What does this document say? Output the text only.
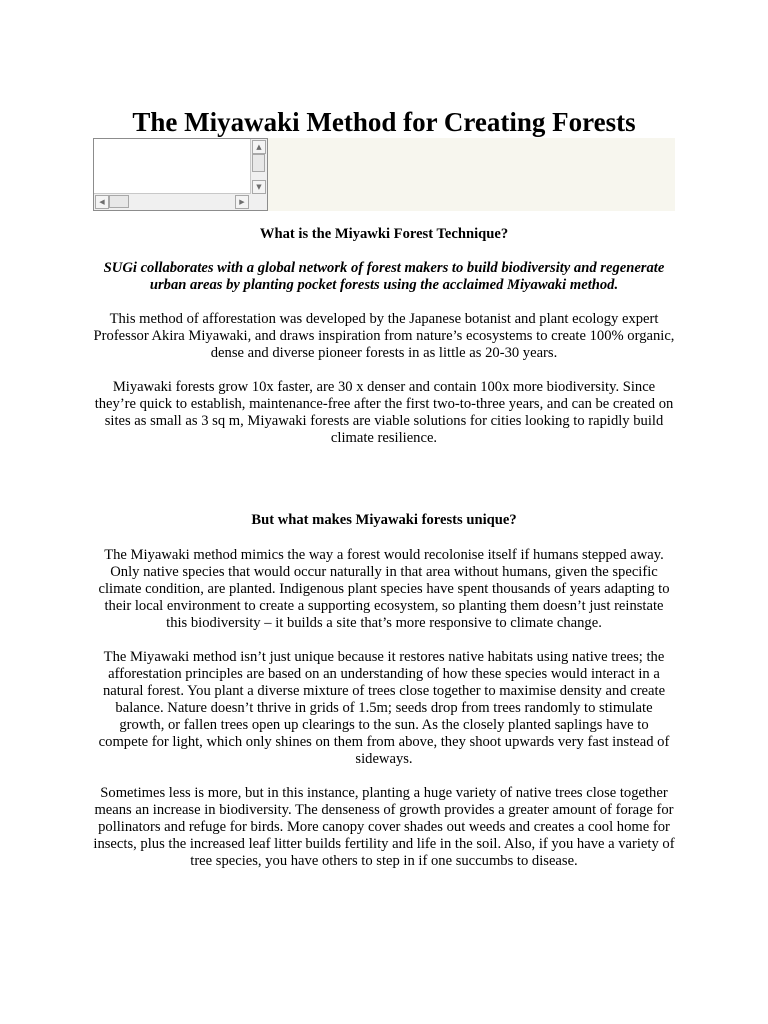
The Miyawaki Method for Creating Forests
▲
▼
◀	▶

What is the Miyawki Forest Technique?

SUGi collaborates with a global network of forest makers to build biodiversity and regenerate urban areas by planting pocket forests using the acclaimed Miyawaki method.

This method of afforestation was developed by the Japanese botanist and plant ecology expert Professor Akira Miyawaki, and draws inspiration from nature’s ecosystems to create 100% organic, dense and diverse pioneer forests in as little as 20-30 years.

Miyawaki forests grow 10x faster, are 30 x denser and contain 100x more biodiversity. Since they’re quick to establish, maintenance-free after the first two-to-three years, and can be created on sites as small as 3 sq m, Miyawaki forests are viable solutions for cities looking to rapidly build climate resilience.

But what makes Miyawaki forests unique?

The Miyawaki method mimics the way a forest would recolonise itself if humans stepped away. Only native species that would occur naturally in that area without humans, given the specific climate condition, are planted. Indigenous plant species have spent thousands of years adapting to their local environment to create a supporting ecosystem, so planting them doesn’t just reinstate this biodiversity – it builds a site that’s more responsive to climate change.

The Miyawaki method isn’t just unique because it restores native habitats using native trees; the afforestation principles are based on an understanding of how these species would interact in a natural forest. You plant a diverse mixture of trees close together to maximise density and create balance. Nature doesn’t thrive in grids of 1.5m; seeds drop from trees randomly to stimulate growth, or fallen trees open up clearings to the sun. As the closely planted saplings have to compete for light, which only shines on them from above, they shoot upwards very fast instead of sideways.

Sometimes less is more, but in this instance, planting a huge variety of native trees close together means an increase in biodiversity. The denseness of growth provides a greater amount of forage for pollinators and refuge for birds. More canopy cover shades out weeds and creates a cool home for insects, plus the increased leaf litter builds fertility and life in the soil. Also, if you have a variety of tree species, you have others to step in if one succumbs to disease.
